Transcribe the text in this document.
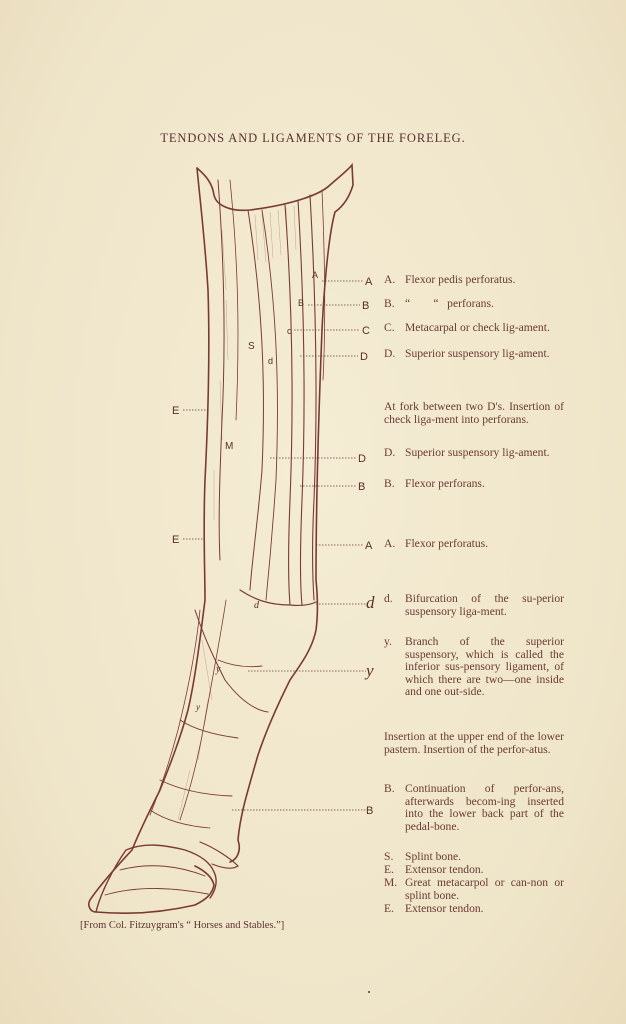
TENDONS AND LIGAMENTS OF THE FORELEG.
A
B
C
D
E
D
B
E	A
d
y
B
A
B
c
S
d
M
d
y
y
A. Flexor pedis perforatus.

B.

“        “   perforans.

C. Metacarpal or check lig-ament.
D. Superior suspensory lig-ament.
At fork between two D's. Insertion of check liga-ment into perforans.
D. Superior suspensory lig-ament.
B. Flexor perforans.
A. Flexor perforatus.
d. Bifurcation of the su-perior suspensory liga-ment.
y. Branch of the superior suspensory, which is called the inferior sus-pensory ligament, of which there are two—one inside and one out-side.
Insertion at the upper end of the lower pastern. Insertion of the perfor-atus.
B. Continuation of perfor-ans, afterwards becom-ing inserted into the lower back part of the pedal-bone.
S. Splint bone.
E. Extensor tendon.
M. Great metacarpol or can-non or splint bone.
E. Extensor tendon.
[From Col. Fitzuygram's “ Horses and Stables.”]
